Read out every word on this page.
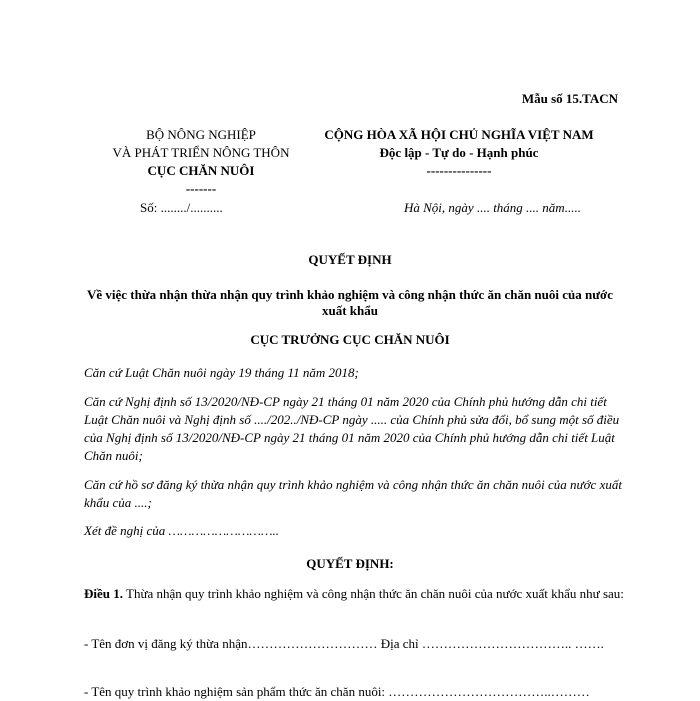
Mẫu số 15.TACN
BỘ NÔNG NGHIỆP
VÀ PHÁT TRIỂN NÔNG THÔN
CỤC CHĂN NUÔI
-------
Số: ......../..........
CỘNG HÒA XÃ HỘI CHỦ NGHĨA VIỆT NAM
Độc lập - Tự do - Hạnh phúc
---------------
Hà Nội, ngày .... tháng .... năm.....
QUYẾT ĐỊNH
Về việc thừa nhận thừa nhận quy trình khảo nghiệm và công nhận thức ăn chăn nuôi của nước xuất khẩu
CỤC TRƯỞNG CỤC CHĂN NUÔI
Căn cứ Luật Chăn nuôi ngày 19 tháng 11 năm 2018;
Căn cứ Nghị định số 13/2020/NĐ-CP ngày 21 tháng 01 năm 2020 của Chính phủ hướng dẫn chi tiết Luật Chăn nuôi và Nghị định số ..../202../NĐ-CP ngày ..... của Chính phủ sửa đổi, bổ sung một số điều của Nghị định số 13/2020/NĐ-CP ngày 21 tháng 01 năm 2020 của Chính phủ hướng dẫn chi tiết Luật Chăn nuôi;
Căn cứ hồ sơ đăng ký thừa nhận quy trình khảo nghiệm và công nhận thức ăn chăn nuôi của nước xuất khẩu của ....;
Xét đề nghị của ………………………..
QUYẾT ĐỊNH:
Điều 1. Thừa nhận quy trình khảo nghiệm và công nhận thức ăn chăn nuôi của nước xuất khẩu như sau:
- Tên đơn vị đăng ký thừa nhận………………………… Địa chỉ …………………………….. …….
- Tên quy trình khảo nghiệm sản phẩm thức ăn chăn nuôi: ………………………………..………
